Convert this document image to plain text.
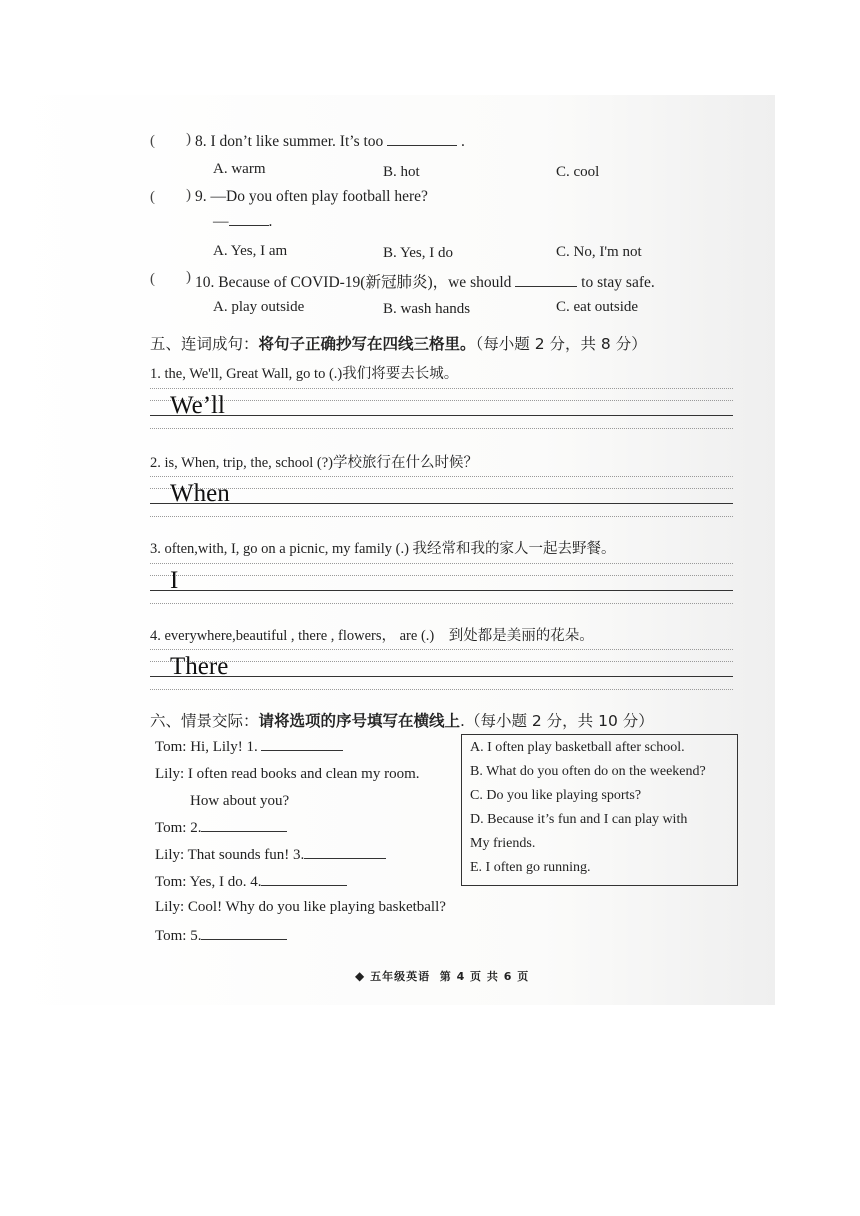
( ) 8. I don’t like summer. It’s too	.
A. warm	B. hot	C. cool
( ) 9. —Do you often play football here?
—	.
A. Yes, I am	B. Yes, I do	C. No, I'm not
( ) 10. Because of COVID-19(新冠肺炎)，we should	to stay safe.
A. play outside	B. wash hands	C. eat outside
五、连词成句：将句子正确抄写在四线三格里。（每小题 2 分，共 8 分）
1. the, We'll, Great Wall, go to (.)我们将要去长城。
We’ll
2. is, When, trip, the, school (?)学校旅行在什么时候？
When
3. often,with, I, go on a picnic, my family (.) 我经常和我的家人一起去野餐。
I
4. everywhere,beautiful , there , flowers， are (.)    到处都是美丽的花朵。
There
六、情景交际：请将选项的序号填写在横线上.（每小题 2 分，共 10 分）
Tom: Hi, Lily! 1.
Lily: I often read books and clean my room.
How about you?
Tom: 2.
Lily: That sounds fun! 3.
Tom: Yes, I do. 4.
Lily: Cool! Why do you like playing basketball?
Tom: 5.
A. I often play basketball after school.
B. What do you often do on the weekend?
C. Do you like playing sports?
D. Because it’s fun and I can play with
My friends.
E. I often go running.
◆ 五年级英语  第 4 页 共 6 页
